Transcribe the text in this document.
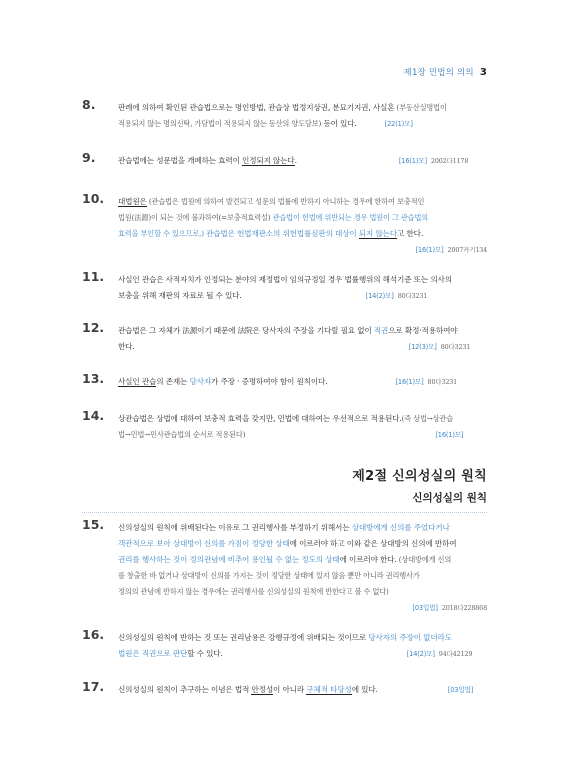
제1장 민법의 의의 3
8.	판례에 의하여 확인된 관습법으로는 명인방법, 관습상 법정지상권, 분묘기지권, 사실혼 (부동산실명법이
적용되지 않는 명의신탁, 가담법이 적용되지 않는 동산의 양도담보) 등이 있다.	[22(1)모]
9.	관습법에는 성문법을 개폐하는 효력이 인정되지 않는다.	[16(1)모] 2002다1178
10. 대법원은 (관습법은 법원에 의하여 발견되고 성문의 법률에 반하지 아니하는 경우에 한하여 보충적인
법원(法源)이 되는 것에 불과하여(=보충적효력설) 관습법이 헌법에 위반되는 경우 법원이 그 관습법의
효력을 부인할 수 있으므로,) 관습법은 헌법재판소의 위헌법률심판의 대상이 되지 않는다고 한다.
[16(1)모] 2007카기134
11. 사실인 관습은 사적자치가 인정되는 분야의 제정법이 임의규정일 경우 법률행위의 해석기준 또는 의사의
보충을 위해 재판의 자료로 될 수 있다.	[14(2)모] 80다3231
12. 관습법은 그 자체가 法源이기 때문에 法院은 당사자의 주장을 기다릴 필요 없이 직권으로 확정·적용하여야
한다.	[12(3)모] 80다3231
13. 사실인 관습의 존재는 당사자가 주장 · 증명하여야 함이 원칙이다.	[16(1)모] 80다3231
14. 상관습법은 상법에 대하여 보충적 효력을 갖지만, 민법에 대하여는 우선적으로 적용된다.(즉 상법→상관습
법→민법→민사관습법의 순서로 적용된다)	[16(1)모]
제2절 신의성실의 원칙
신의성실의 원칙
15. 신의성실의 원칙에 위배된다는 이유로 그 권리행사를 부정하기 위해서는 상대방에게 신의를 주었다거나
객관적으로 보아 상대방이 신의를 가짐이 정당한 상태에 이르러야 하고 이와 같은 상대방의 신의에 반하여
권리를 행사하는 것이 정의관념에 비추어 용인될 수 없는 정도의 상태에 이르러야 한다. (상대방에게 신의
를 창출한 바 없거나 상대방이 신의를 가지는 것이 정당한 상태에 있지 않음 뿐만 아니라 권리행사가
정의의 관념에 반하지 않는 경우에는 권리행사를 신의성실의 원칙에 반한다고 볼 수 없다)
[03입법] 2018다228868
16. 신의성실의 원칙에 반하는 것 또는 권리남용은 강행규정에 위배되는 것이므로 당사자의 주장이 없더라도
법원은 직권으로 판단할 수 있다.	[14(2)모] 94다42129
17. 신의성실의 원칙이 추구하는 이념은 법적 안정성이 아니라 구체적 타당성에 있다.	[03입법]
